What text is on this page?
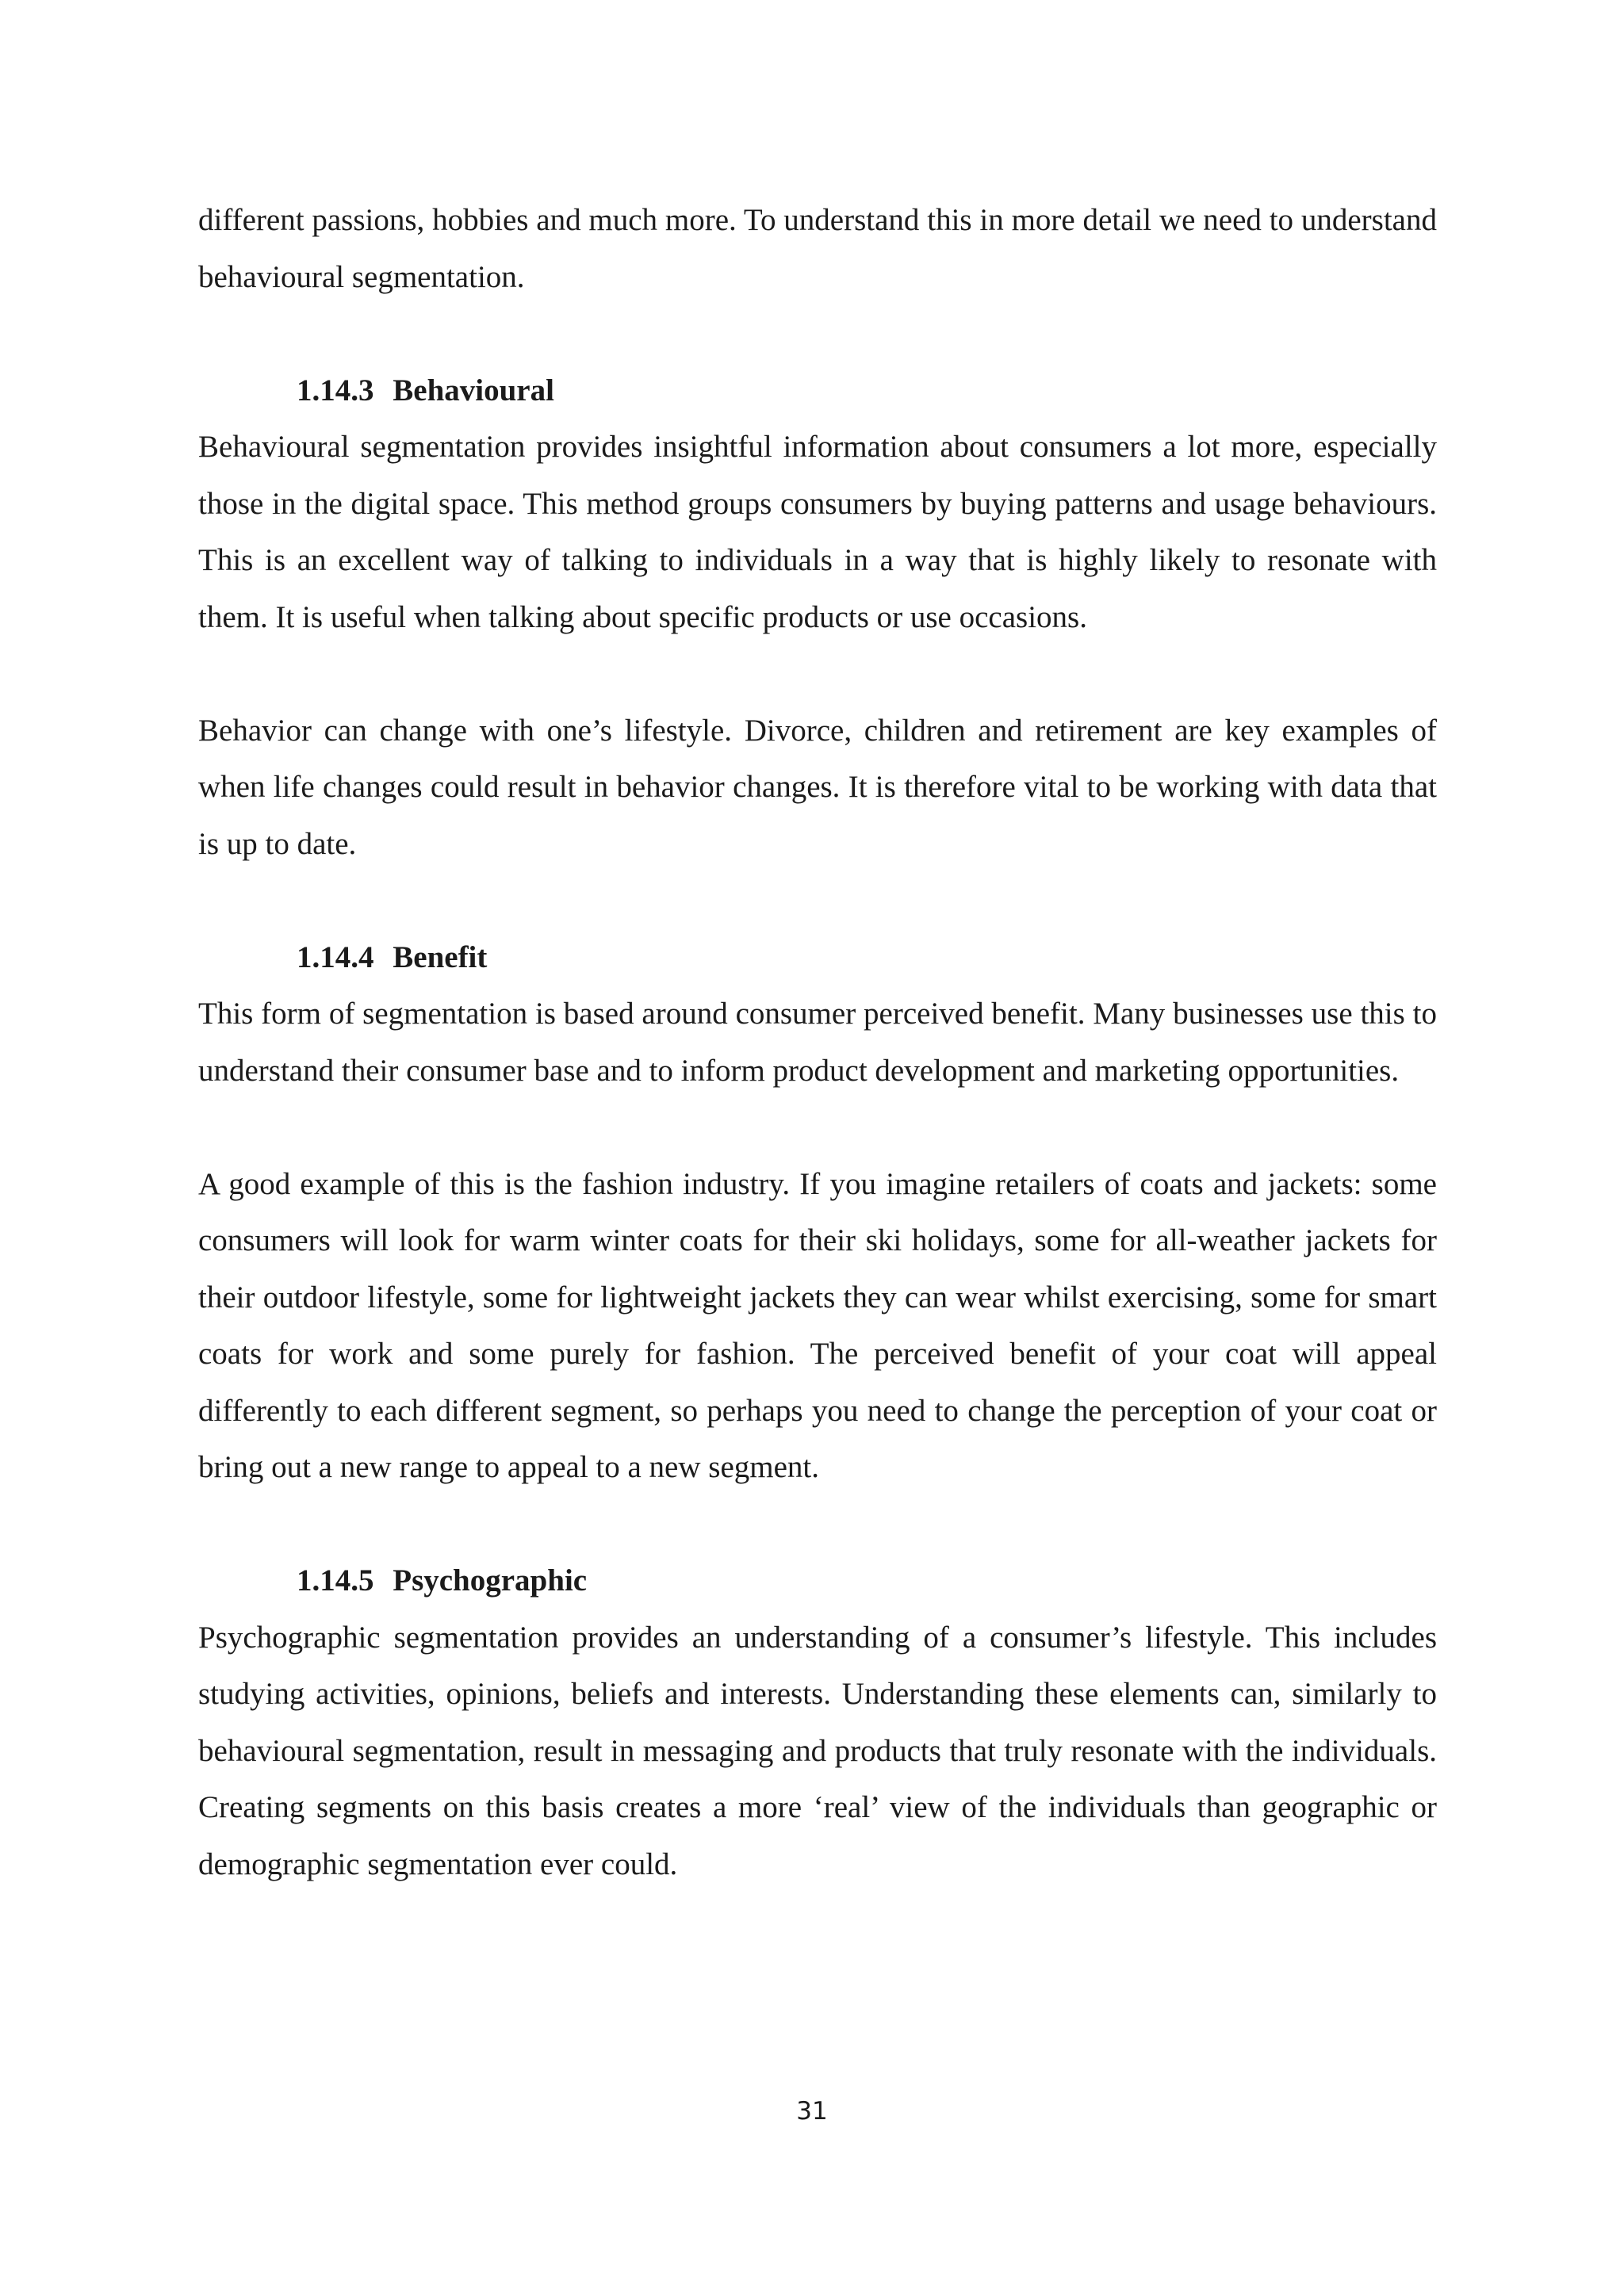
different passions, hobbies and much more. To understand this in more detail we need to understand behavioural segmentation.

1.14.3 Behavioural

Behavioural segmentation provides insightful information about consumers a lot more, especially those in the digital space. This method groups consumers by buying patterns and usage behaviours. This is an excellent way of talking to individuals in a way that is highly likely to resonate with them. It is useful when talking about specific products or use occasions.

Behavior can change with one’s lifestyle. Divorce, children and retirement are key examples of when life changes could result in behavior changes. It is therefore vital to be working with data that is up to date.

1.14.4 Benefit

This form of segmentation is based around consumer perceived benefit. Many businesses use this to understand their consumer base and to inform product development and marketing opportunities.

A good example of this is the fashion industry. If you imagine retailers of coats and jackets: some consumers will look for warm winter coats for their ski holidays, some for all-weather jackets for their outdoor lifestyle, some for lightweight jackets they can wear whilst exercising, some for smart coats for work and some purely for fashion. The perceived benefit of your coat will appeal differently to each different segment, so perhaps you need to change the perception of your coat or bring out a new range to appeal to a new segment.

1.14.5 Psychographic

Psychographic segmentation provides an understanding of a consumer’s lifestyle. This includes studying activities, opinions, beliefs and interests. Understanding these elements can, similarly to behavioural segmentation, result in messaging and products that truly resonate with the individuals. Creating segments on this basis creates a more ‘real’ view of the individuals than geographic or demographic segmentation ever could.

31
